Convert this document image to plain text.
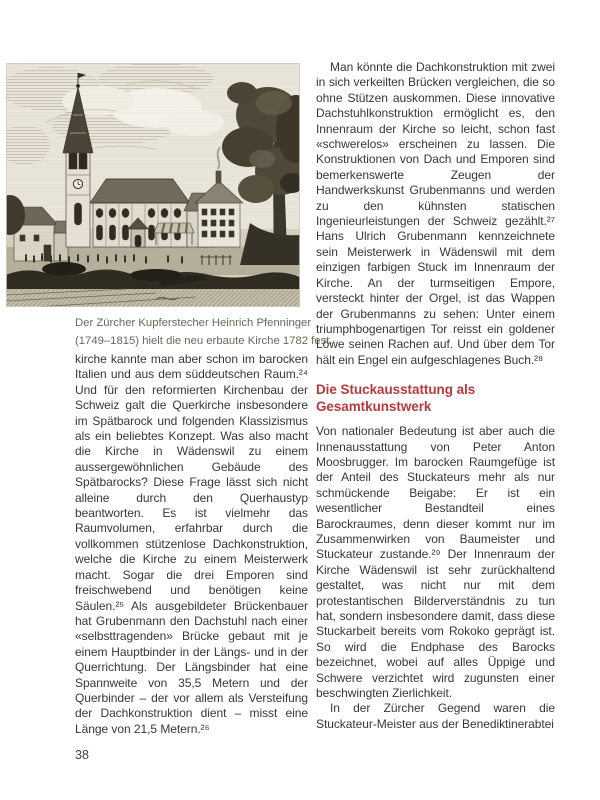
Der Zürcher Kupferstecher Heinrich Pfenninger
(1749–1815) hielt die neu erbaute Kirche 1782 fest.

kirche kannte man aber schon im barocken Italien und aus dem süddeutschen Raum.²⁴ Und für den reformierten Kirchenbau der Schweiz galt die Querkirche insbesondere im Spätbarock und folgenden Klassizismus als ein beliebtes Konzept. Was also macht die Kirche in Wädenswil zu einem aussergewöhnlichen Gebäude des Spätbarocks? Diese Frage lässt sich nicht alleine durch den Querhaustyp beantworten. Es ist vielmehr das Raumvolumen, erfahrbar durch die vollkommen stützenlose Dachkonstruktion, welche die Kirche zu einem Meisterwerk macht. Sogar die drei Emporen sind freischwebend und benötigen keine Säulen.²⁵ Als ausgebildeter Brückenbauer hat Grubenmann den Dachstuhl nach einer «selbsttragenden» Brücke gebaut mit je einem Hauptbinder in der Längs- und in der Querrichtung. Der Längsbinder hat eine Spannweite von 35,5 Metern und der Querbinder – der vor allem als Versteifung der Dachkonstruktion dient – misst eine Länge von 21,5 Metern.²⁶

Man könnte die Dachkonstruktion mit zwei in sich verkeilten Brücken vergleichen, die so ohne Stützen auskommen. Diese innovative Dachstuhlkonstruktion ermöglicht es, den Innenraum der Kirche so leicht, schon fast «schwerelos» erscheinen zu lassen. Die Konstruktionen von Dach und Emporen sind bemerkenswerte Zeugen der Handwerkskunst Grubenmanns und werden zu den kühnsten statischen Ingenieurleistungen der Schweiz gezählt.²⁷ Hans Ulrich Grubenmann kennzeichnete sein Meisterwerk in Wädenswil mit dem einzigen farbigen Stuck im Innenraum der Kirche. An der turmseitigen Empore, versteckt hinter der Orgel, ist das Wappen der Grubenmanns zu sehen: Unter einem triumphbogenartigen Tor reisst ein goldener Löwe seinen Rachen auf. Und über dem Tor hält ein Engel ein aufgeschlagenes Buch.²⁸

Die Stuckausstattung als Gesamtkunstwerk

Von nationaler Bedeutung ist aber auch die Innenausstattung von Peter Anton Moosbrugger. Im barocken Raumgefüge ist der Anteil des Stuckateurs mehr als nur schmückende Beigabe: Er ist ein wesentlicher Bestandteil eines Barockraumes, denn dieser kommt nur im Zusammenwirken von Baumeister und Stuckateur zustande.²⁹ Der Innenraum der Kirche Wädenswil ist sehr zurückhaltend gestaltet, was nicht nur mit dem protestantischen Bilderverständnis zu tun hat, sondern insbesondere damit, dass diese Stuckarbeit bereits vom Rokoko geprägt ist. So wird die Endphase des Barocks bezeichnet, wobei auf alles Üppige und Schwere verzichtet wird zugunsten einer beschwingten Zierlichkeit.

In der Zürcher Gegend waren die Stuckateur-Meister aus der Benediktinerabtei

38
